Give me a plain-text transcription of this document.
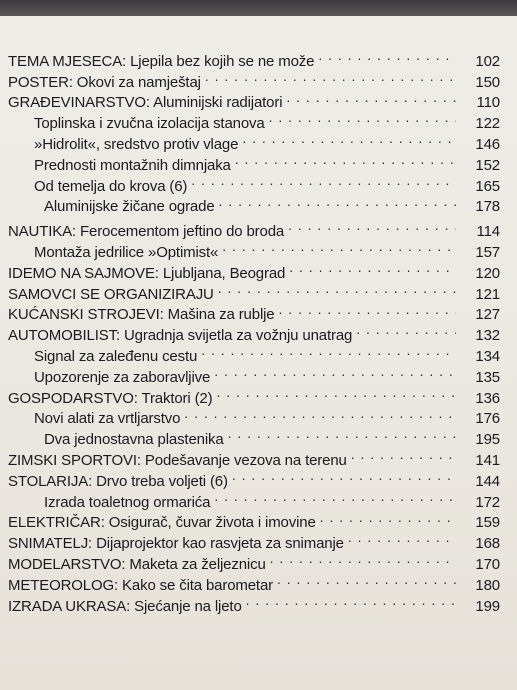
TEMA MJESECA: Ljepila bez kojih se ne može . . .	102
POSTER: Okovi za namještaj . . .	150
GRAĐEVINARSTVO: Aluminijski radijatori . . .	110
Toplinska i zvučna izolacija stanova . . .	122
»Hidrolit«, sredstvo protiv vlage . . .	146
Prednosti montažnih dimnjaka . . .	152
Od temelja do krova (6) . . .	165
Aluminijske žičane ograde . . .	178
NAUTIKA: Ferocementom jeftino do broda . . .	114
Montaža jedrilice »Optimist« . . .	157
IDEMO NA SAJMOVE: Ljubljana, Beograd . . .	120
SAMOVCI SE ORGANIZIRAJU . . .	121
KUĆANSKI STROJEVI: Mašina za rublje . . .	127
AUTOMOBILIST: Ugradnja svijetla za vožnju unatrag . . .	132
Signal za zaleđenu cestu . . .	134
Upozorenje za zaboravljive . . .	135
GOSPODARSTVO: Traktori (2) . . .	136
Novi alati za vrtljarstvo . . .	176
Dva jednostavna plastenika . . .	195
ZIMSKI SPORTOVI: Podešavanje vezova na terenu . . .	141
STOLARIJA: Drvo treba voljeti (6) . . .	144
Izrada toaletnog ormarića . . .	172
ELEKTRIČAR: Osigurač, čuvar života i imovine . . .	159
SNIMATELJ: Dijaprojektor kao rasvjeta za snimanje . . .	168
MODELARSTVO: Maketa za željeznicu . . .	170
METEOROLOG: Kako se čita barometar . . .	180
IZRADA UKRASA: Sjećanje na ljeto . . .	199
